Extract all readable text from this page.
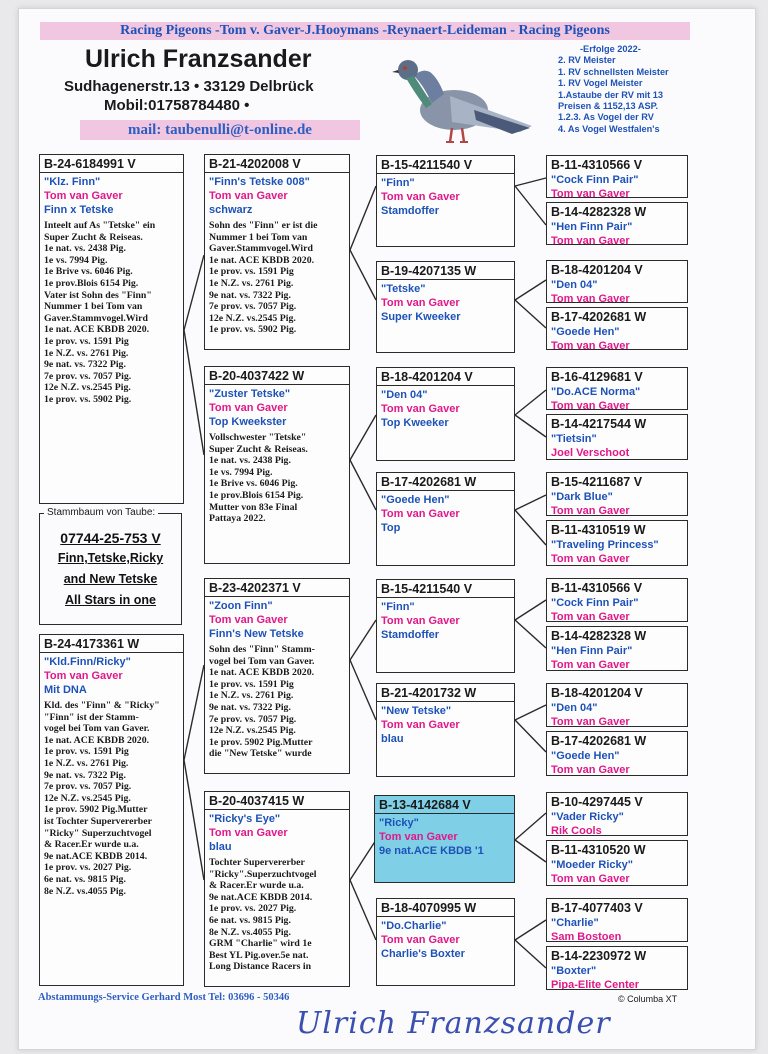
Racing Pigeons -Tom v. Gaver-J.Hooymans -Reynaert-Leideman - Racing Pigeons
Ulrich Franzsander
Sudhagenerstr.13 • 33129 Delbrück
Mobil:01758784480 •
mail: taubenulli@t-online.de
-Erfolge 2022-
2. RV Meister
1. RV schnellsten Meister
1. RV Vogel Meister
1.Astaube der RV mit 13
Preisen & 1152,13 ASP.
1.2.3. As Vogel der RV
4. As Vogel Westfalen's
B-24-6184991 V
"Klz. Finn"
Tom van Gaver
Finn x Tetske
Inteelt auf As "Tetske" ein
Super Zucht & Reiseas.
1e nat. vs. 2438 Pig.
1e vs. 7994 Pig.
1e Brive vs. 6046 Pig.
1e prov.Blois 6154 Pig.
Vater ist Sohn des "Finn"
Nummer 1 bei Tom van
Gaver.Stammvogel.Wird
1e nat. ACE KBDB 2020.
1e prov. vs. 1591 Pig
1e N.Z. vs. 2761 Pig.
9e nat. vs. 7322 Pig.
7e prov. vs. 7057 Pig.
12e N.Z. vs.2545 Pig.
1e prov. vs. 5902 Pig.
Stammbaum von Taube:
07744-25-753 V
Finn,Tetske,Ricky
and New Tetske
All Stars in one
B-24-4173361 W
"Kld.Finn/Ricky"
Tom van Gaver
Mit DNA
Kld. des "Finn" & "Ricky"
"Finn" ist der Stamm-
vogel bei Tom van Gaver.
1e nat. ACE KBDB 2020.
1e prov. vs. 1591 Pig
1e N.Z. vs. 2761 Pig.
9e nat. vs. 7322 Pig.
7e prov. vs. 7057 Pig.
12e N.Z. vs.2545 Pig.
1e prov. 5902 Pig.Mutter
ist Tochter Supervererber
"Ricky" Superzuchtvogel
& Racer.Er wurde u.a.
9e nat.ACE KBDB 2014.
1e prov. vs. 2027 Pig.
6e nat. vs. 9815 Pig.
8e N.Z. vs.4055 Pig.
B-21-4202008 V
"Finn's Tetske 008"
Tom van Gaver
schwarz
Sohn des "Finn" er ist die
Nummer 1 bei Tom van
Gaver.Stammvogel.Wird
1e nat. ACE KBDB 2020.
1e prov. vs. 1591 Pig
1e N.Z. vs. 2761 Pig.
9e nat. vs. 7322 Pig.
7e prov. vs. 7057 Pig.
12e N.Z. vs.2545 Pig.
1e prov. vs. 5902 Pig.
B-20-4037422 W
"Zuster Tetske"
Tom van Gaver
Top Kweekster
Vollschwester "Tetske"
Super Zucht & Reiseas.
1e nat. vs. 2438 Pig.
1e vs. 7994 Pig.
1e Brive vs. 6046 Pig.
1e prov.Blois 6154 Pig.
Mutter von 83e Final
Pattaya 2022.
B-23-4202371 V
"Zoon Finn"
Tom van Gaver
Finn's New Tetske
Sohn des "Finn" Stamm-
vogel bei Tom van Gaver.
1e nat. ACE KBDB 2020.
1e prov. vs. 1591 Pig
1e N.Z. vs. 2761 Pig.
9e nat. vs. 7322 Pig.
7e prov. vs. 7057 Pig.
12e N.Z. vs.2545 Pig.
1e prov. 5902 Pig.Mutter
die "New Tetske" wurde
B-20-4037415 W
"Ricky's Eye"
Tom van Gaver
blau
Tochter Supervererber
"Ricky".Superzuchtvogel
& Racer.Er wurde u.a.
9e nat.ACE KBDB 2014.
1e prov. vs. 2027 Pig.
6e nat. vs. 9815 Pig.
8e N.Z. vs.4055 Pig.
GRM "Charlie" wird 1e
Best YL Pig.over.5e nat.
Long Distance Racers in
B-15-4211540 V
"Finn"
Tom van Gaver
Stamdoffer
B-19-4207135 W
"Tetske"
Tom van Gaver
Super Kweeker
B-18-4201204 V
"Den 04"
Tom van Gaver
Top Kweeker
B-17-4202681 W
"Goede Hen"
Tom van Gaver
Top
B-15-4211540 V
"Finn"
Tom van Gaver
Stamdoffer
B-21-4201732 W
"New Tetske"
Tom van Gaver
blau
B-13-4142684 V
"Ricky"
Tom van Gaver
9e nat.ACE KBDB '1
B-18-4070995 W
"Do.Charlie"
Tom van Gaver
Charlie's Boxter
B-11-4310566 V
"Cock Finn Pair"
Tom van Gaver
B-14-4282328 W
"Hen Finn Pair"
Tom van Gaver
B-18-4201204 V
"Den 04"
Tom van Gaver
B-17-4202681 W
"Goede Hen"
Tom van Gaver
B-16-4129681 V
"Do.ACE Norma"
Tom van Gaver
B-14-4217544 W
"Tietsin"
Joel Verschoot
B-15-4211687 V
"Dark Blue"
Tom van Gaver
B-11-4310519 W
"Traveling Princess"
Tom van Gaver
B-11-4310566 V
"Cock Finn Pair"
Tom van Gaver
B-14-4282328 W
"Hen Finn Pair"
Tom van Gaver
B-18-4201204 V
"Den 04"
Tom van Gaver
B-17-4202681 W
"Goede Hen"
Tom van Gaver
B-10-4297445 V
"Vader Ricky"
Rik Cools
B-11-4310520 W
"Moeder Ricky"
Tom van Gaver
B-17-4077403 V
"Charlie"
Sam Bostoen
B-14-2230972 W
"Boxter"
Pipa-Elite Center
Abstammungs-Service Gerhard Most Tel: 03696 - 50346	© Columba XT
Ulrich Franzsander
